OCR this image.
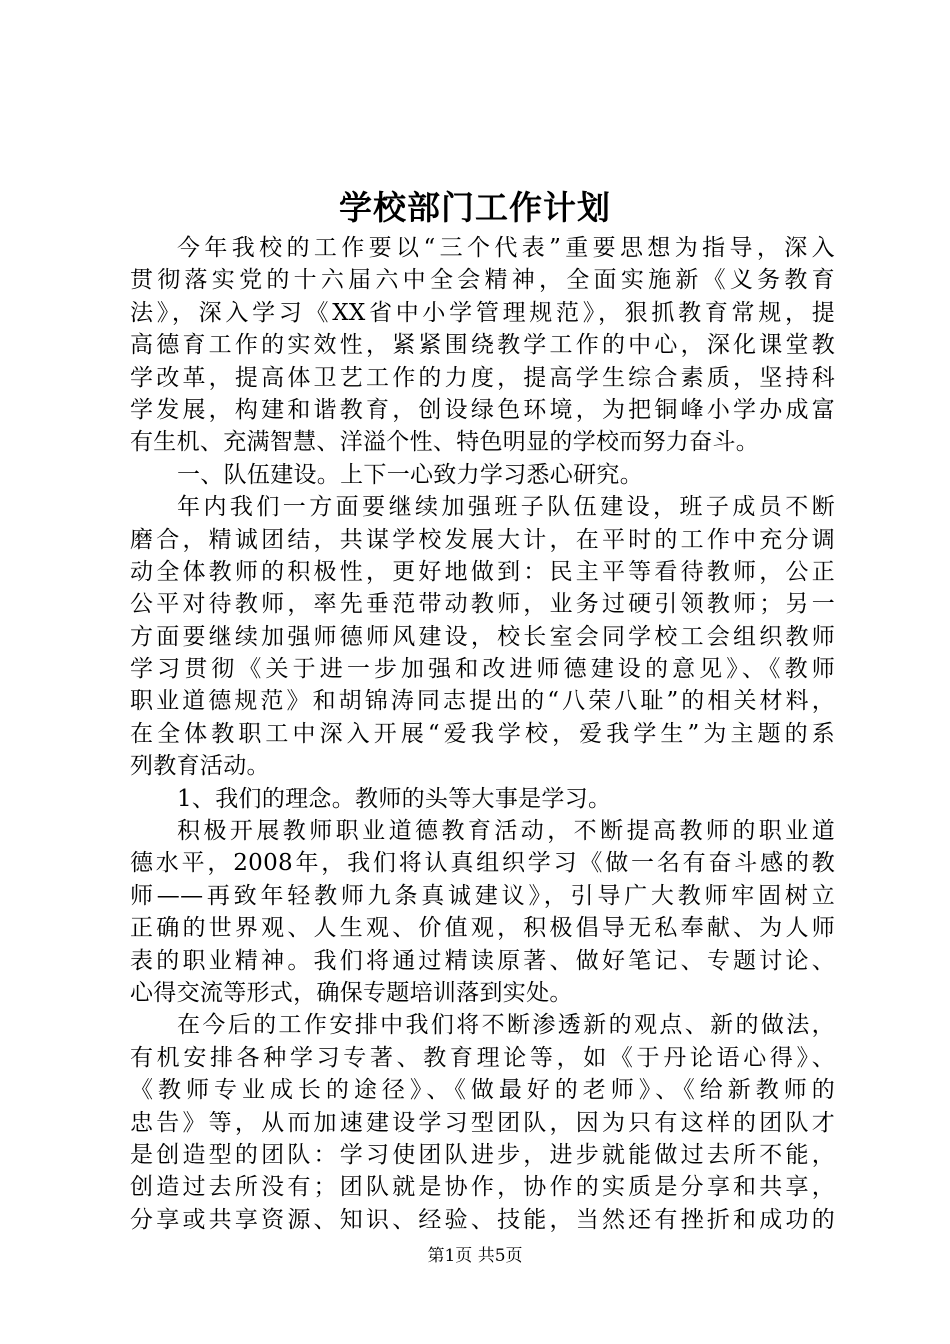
学校部门工作计划
今年我校的工作要以“三个代表”重要思想为指导，深入
贯彻落实党的十六届六中全会精神，全面实施新《义务教育
法》，深入学习《XX省中小学管理规范》，狠抓教育常规，提
高德育工作的实效性，紧紧围绕教学工作的中心，深化课堂教
学改革，提高体卫艺工作的力度，提高学生综合素质，坚持科
学发展，构建和谐教育，创设绿色环境，为把铜峰小学办成富
有生机、充满智慧、洋溢个性、特色明显的学校而努力奋斗。
一、队伍建设。上下一心致力学习悉心研究。
年内我们一方面要继续加强班子队伍建设，班子成员不断
磨合，精诚团结，共谋学校发展大计，在平时的工作中充分调
动全体教师的积极性，更好地做到：民主平等看待教师，公正
公平对待教师，率先垂范带动教师，业务过硬引领教师；另一
方面要继续加强师德师风建设，校长室会同学校工会组织教师
学习贯彻《关于进一步加强和改进师德建设的意见》、《教师
职业道德规范》和胡锦涛同志提出的“八荣八耻”的相关材料，
在全体教职工中深入开展“爱我学校，爱我学生”为主题的系
列教育活动。
1、我们的理念。教师的头等大事是学习。
积极开展教师职业道德教育活动，不断提高教师的职业道
德水平，2008年，我们将认真组织学习《做一名有奋斗感的教
师——再致年轻教师九条真诚建议》，引导广大教师牢固树立
正确的世界观、人生观、价值观，积极倡导无私奉献、为人师
表的职业精神。我们将通过精读原著、做好笔记、专题讨论、
心得交流等形式，确保专题培训落到实处。
在今后的工作安排中我们将不断渗透新的观点、新的做法，
有机安排各种学习专著、教育理论等，如《于丹论语心得》、
《教师专业成长的途径》、《做最好的老师》、《给新教师的
忠告》等，从而加速建设学习型团队，因为只有这样的团队才
是创造型的团队：学习使团队进步，进步就能做过去所不能，
创造过去所没有；团队就是协作，协作的实质是分享和共享，
分享或共享资源、知识、经验、技能，当然还有挫折和成功的
第1页 共5页
